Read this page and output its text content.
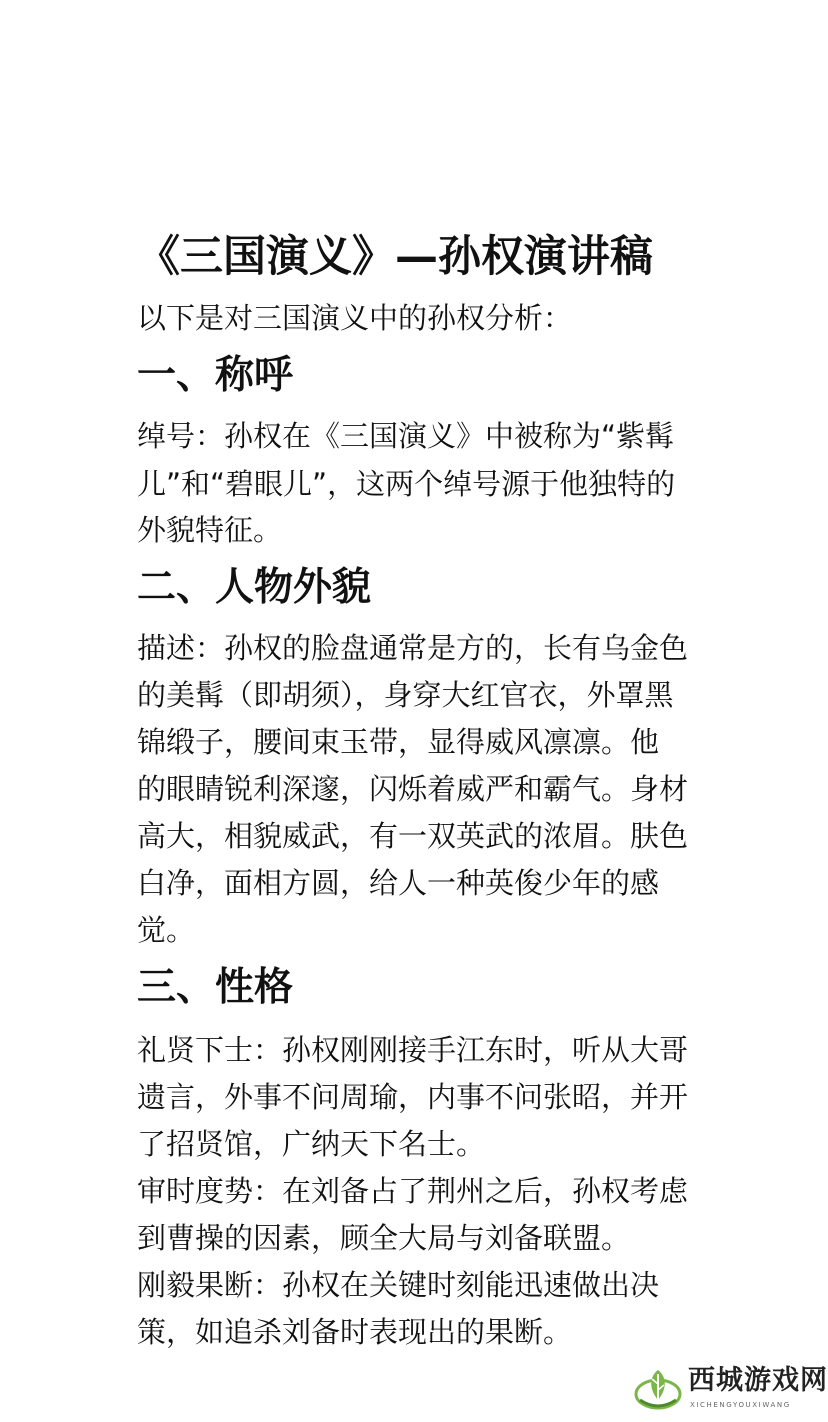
《三国演义》—孙权演讲稿

以下是对三国演义中的孙权分析：

一、称呼

绰号：孙权在《三国演义》中被称为“紫髯

儿”和“碧眼儿”，这两个绰号源于他独特的

外貌特征。

二、人物外貌

描述：孙权的脸盘通常是方的，长有乌金色

的美髯（即胡须），身穿大红官衣，外罩黑

锦缎子，腰间束玉带，显得威风凛凛。他

的眼睛锐利深邃，闪烁着威严和霸气。身材

高大，相貌威武，有一双英武的浓眉。肤色

白净，面相方圆，给人一种英俊少年的感

觉。

三、性格

礼贤下士：孙权刚刚接手江东时，听从大哥

遗言，外事不问周瑜，内事不问张昭，并开

了招贤馆，广纳天下名士。

审时度势：在刘备占了荆州之后，孙权考虑

到曹操的因素，顾全大局与刘备联盟。

刚毅果断：孙权在关键时刻能迅速做出决

策，如追杀刘备时表现出的果断。

西城游戏网
XICHENGYOUXIWANG
